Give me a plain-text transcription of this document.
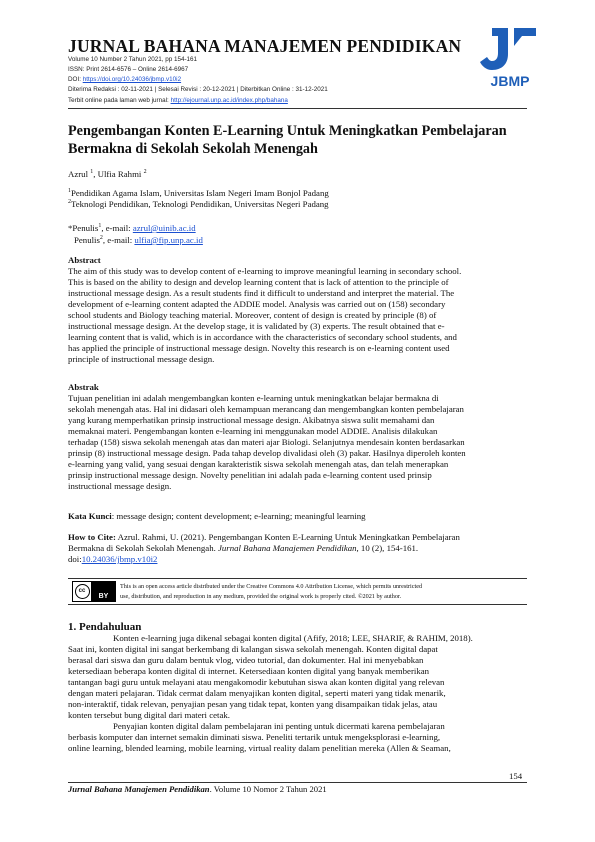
JURNAL BAHANA MANAJEMEN PENDIDIKAN
Volume 10 Number 2 Tahun 2021, pp 154-161
ISSN: Print 2614-6576 – Online 2614-6967
DOI: https://doi.org/10.24036/jbmp.v10i2
Diterima Redaksi : 02-11-2021 | Selesai Revisi : 20-12-2021 | Diterbitkan Online : 31-12-2021
Terbit online pada laman web jurnal: http://ejournal.unp.ac.id/index.php/bahana
JBMP
Pengembangan Konten E-Learning Untuk Meningkatkan Pembelajaran
Bermakna di Sekolah Sekolah Menengah
Azrul $^1$, Ulfia Rahmi $^2$
$^1$Pendidikan Agama Islam, Universitas Islam Negeri Imam Bonjol Padang
$^2$Teknologi Pendidikan, Teknologi Pendidikan, Universitas Negeri Padang
*Penulis$^1$, e-mail: azrul@uinib.ac.id
Penulis$^2$, e-mail: ulfia@fip.unp.ac.id
Abstract
The aim of this study was to develop content of e-learning to improve meaningful learning in secondary school.
This is based on the ability to design and develop learning content that is lack of attention to the principle of
instructional message design. As a result students find it difficult to understand and interpret the material. The
development of e-learning content adapted the ADDIE model. Analysis was carried out on (158) secondary
school students and Biology teaching material. Moreover, content of design is created by principle (8) of
instructional message design. At the develop stage, it is validated by (3) experts. The result obtained that e-
learning content that is valid, which is in accordance with the characteristics of secondary school students, and
has applied the principle of instructional message design. Novelty this research is on e-learning content used
principle of instructional message design.
Abstrak
Tujuan penelitian ini adalah mengembangkan konten e-learning untuk meningkatkan belajar bermakna di
sekolah menengah atas. Hal ini didasari oleh kemampuan merancang dan mengembangkan konten pembelajaran
yang kurang memperhatikan prinsip instructional message design. Akibatnya siswa sulit memahami dan
memaknai materi. Pengembangan konten e-learning ini menggunakan model ADDIE. Analisis dilakukan
terhadap (158) siswa sekolah menengah atas dan materi ajar Biologi. Selanjutnya mendesain konten berdasarkan
prinsip (8) instructional message design. Pada tahap develop divalidasi oleh (3) pakar. Hasilnya diperoleh konten
e-learning yang valid, yang sesuai dengan karakteristik siswa sekolah menengah atas, dan telah menerapkan
prinsip instructional message design. Novelty penelitian ini adalah pada e-learning content used prinsip
instructional message design.
Kata Kunci: message design; content development; e-learning; meaningful learning
How to Cite: Azrul. Rahmi, U. (2021). Pengembangan Konten E-Learning Untuk Meningkatkan Pembelajaran
Bermakna di Sekolah Sekolah Menengah. Jurnal Bahana Manajemen Pendidikan, 10 (2), 154-161.
doi:10.24036/jbmp.v10i2
cc
BY
This is an open access article distributed under the Creative Commons 4.0 Attribution License, which permits unrestricted
use, distribution, and reproduction in any medium, provided the original work is properly cited. ©2021 by author.
1. Pendahuluan
Konten e-learning juga dikenal sebagai konten digital (Afify, 2018; LEE, SHARIF, & RAHIM, 2018).
Saat ini, konten digital ini sangat berkembang di kalangan siswa sekolah menengah. Konten digital dapat
berasal dari siswa dan guru dalam bentuk vlog, video tutorial, dan dokumenter. Hal ini menyebabkan
ketersediaan beberapa konten digital di internet. Ketersediaan konten digital yang banyak memberikan
tantangan bagi guru untuk melayani atau mengakomodir kebutuhan siswa akan konten digital yang relevan
dengan materi pelajaran. Tidak cermat dalam menyajikan konten digital, seperti materi yang tidak menarik,
non-interaktif, tidak relevan, penyajian pesan yang tidak tepat, konten yang disampaikan tidak jelas, atau
konten tersebut bung digital dari materi cetak.
Penyajian konten digital dalam pembelajaran ini penting untuk dicermati karena pembelajaran
berbasis komputer dan internet semakin diminati siswa. Peneliti tertarik untuk mengeksplorasi e-learning,
online learning, blended learning, mobile learning, virtual reality dalam penelitian mereka (Allen & Seaman,
154
Jurnal Bahana Manajemen Pendidikan. Volume 10 Nomor 2 Tahun 2021
